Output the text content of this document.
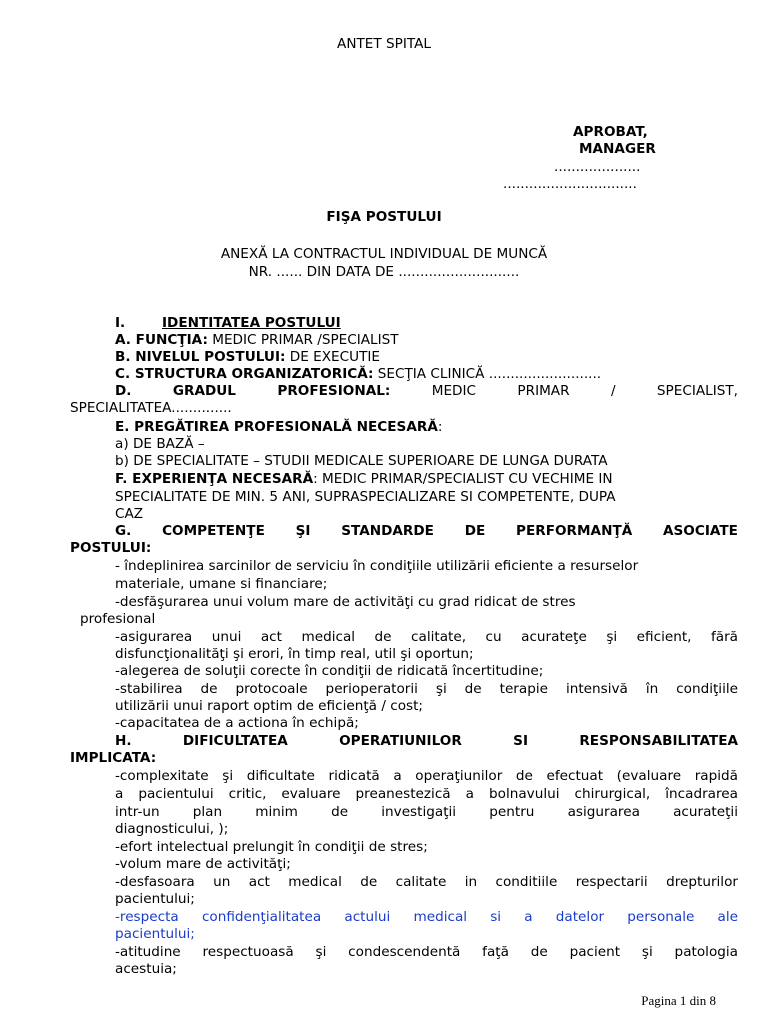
ANTET SPITAL
APROBAT,
MANAGER
....................
...............................
FIŞA POSTULUI
ANEXĂ LA CONTRACTUL INDIVIDUAL DE MUNCĂ
NR. ...... DIN DATA DE ............................
I.	IDENTITATEA POSTULUI
A. FUNCŢIA: MEDIC PRIMAR /SPECIALIST
B. NIVELUL POSTULUI: DE EXECUTIE
C. STRUCTURA ORGANIZATORICĂ: SECŢIA CLINICĂ ..........................
D.	GRADUL	PROFESIONAL:	MEDIC	PRIMAR	/	SPECIALIST,
SPECIALITATEA..............
E. PREGĂTIREA PROFESIONALĂ NECESARĂ:
a) DE BAZĂ –
b) DE SPECIALITATE – STUDII MEDICALE SUPERIOARE DE LUNGA DURATA
F. EXPERIENŢA NECESARĂ: MEDIC PRIMAR/SPECIALIST CU VECHIME IN
SPECIALITATE DE MIN. 5 ANI, SUPRASPECIALIZARE SI COMPETENTE, DUPA
CAZ
G. COMPETENŢE ŞI STANDARDE DE PERFORMANŢĂ ASOCIATE
POSTULUI:
- îndeplinirea sarcinilor de serviciu în condiţiile utilizării eficiente a resurselor
materiale, umane si financiare;
-desfăşurarea unui volum mare de activităţi cu grad ridicat de stres
profesional
-asigurarea unui act medical de calitate, cu acurateţe şi eficient, fără
disfuncţionalităţi şi erori, în timp real, util şi oportun;
-alegerea de soluţii corecte în condiţii de ridicată încertitudine;
-stabilirea de protocoale perioperatorii şi de terapie intensivă în condiţiile
utilizării unui raport optim de eficienţă / cost;
-capacitatea de a actiona în echipă;
H.	DIFICULTATEA	OPERATIUNILOR	SI	RESPONSABILITATEA
IMPLICATA:
-complexitate şi dificultate ridicată a operaţiunilor de efectuat (evaluare rapidă
a pacientului critic, evaluare preanestezică a bolnavului chirurgical, încadrarea
intr-un plan minim de investigaţii pentru asigurarea acurateţii
diagnosticului, );
-efort intelectual prelungit în condiţii de stres;
-volum mare de activităţi;
-desfasoara un act medical de calitate in conditiile respectarii drepturilor
pacientului;
-respecta confidenţialitatea actului medical si a datelor personale ale
pacientului;
-atitudine respectuoasă şi condescendentă faţă de pacient şi patologia
acestuia;
Pagina 1 din 8
